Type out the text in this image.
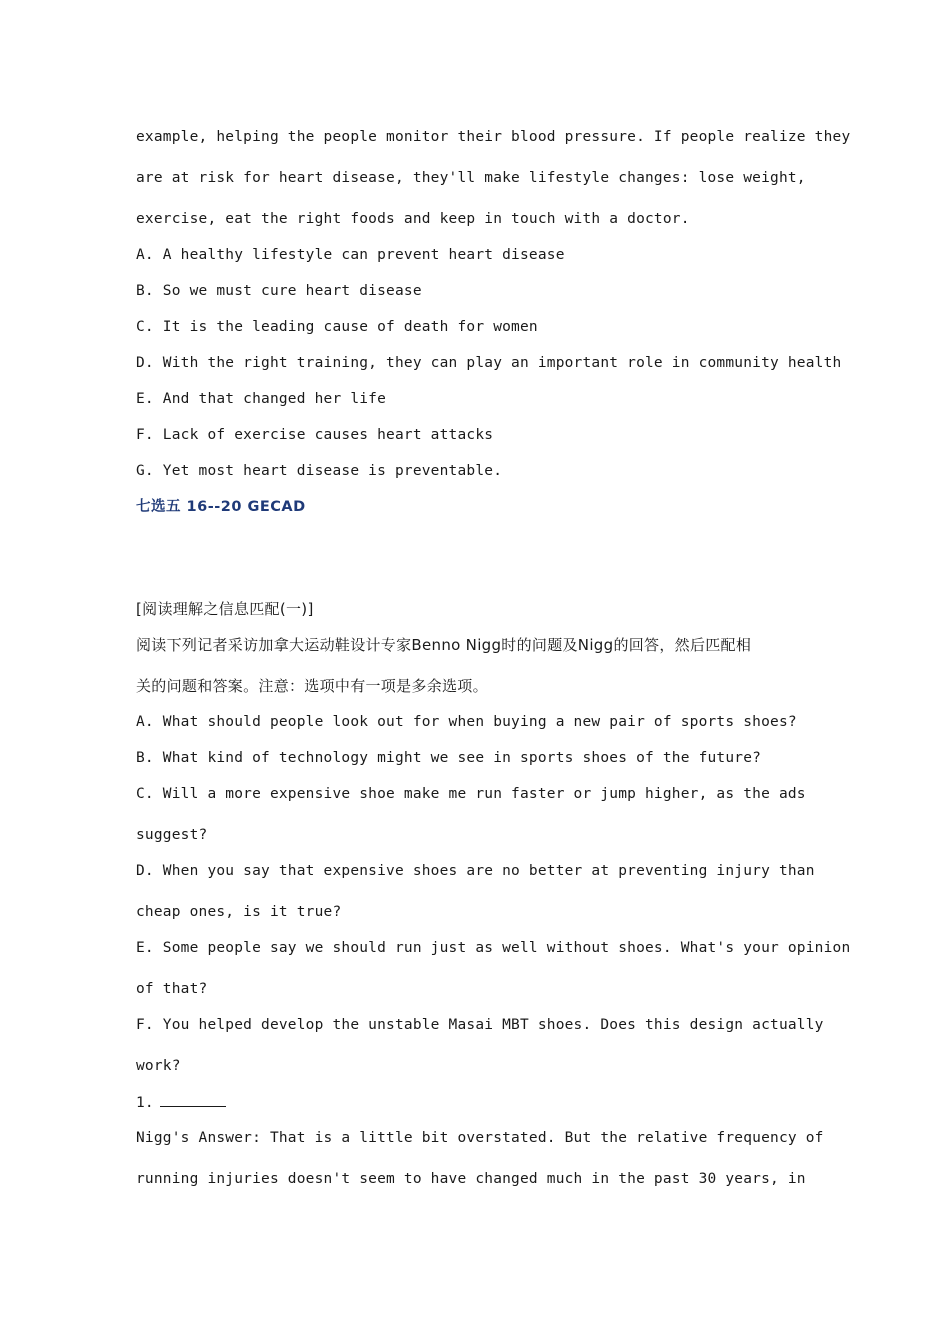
example, helping the people monitor their blood pressure. If people realize they
are at risk for heart disease, they'll make lifestyle changes: lose weight,
exercise, eat the right foods and keep in touch with a doctor.
A. A healthy lifestyle can prevent heart disease
B. So we must cure heart disease
C. It is the leading cause of death for women
D. With the right training, they can play an important role in community health
E. And that changed her life
F. Lack of exercise causes heart attacks
G. Yet most heart disease is preventable.
七选五 16--20 GECAD
[阅读理解之信息匹配(一)]
阅读下列记者采访加拿大运动鞋设计专家Benno Nigg时的问题及Nigg的回答，然后匹配相
关的问题和答案。注意：选项中有一项是多余选项。
A. What should people look out for when buying a new pair of sports shoes?
B. What kind of technology might we see in sports shoes of the future?
C. Will a more expensive shoe make me run faster or jump higher, as the ads
suggest?
D. When you say that expensive shoes are no better at preventing injury than
cheap ones, is it true?
E. Some people say we should run just as well without shoes. What's your opinion
of that?
F. You helped develop the unstable Masai MBT shoes. Does this design actually
work?
1.
Nigg's Answer: That is a little bit overstated. But the relative frequency of
running injuries doesn't seem to have changed much in the past 30 years, in
